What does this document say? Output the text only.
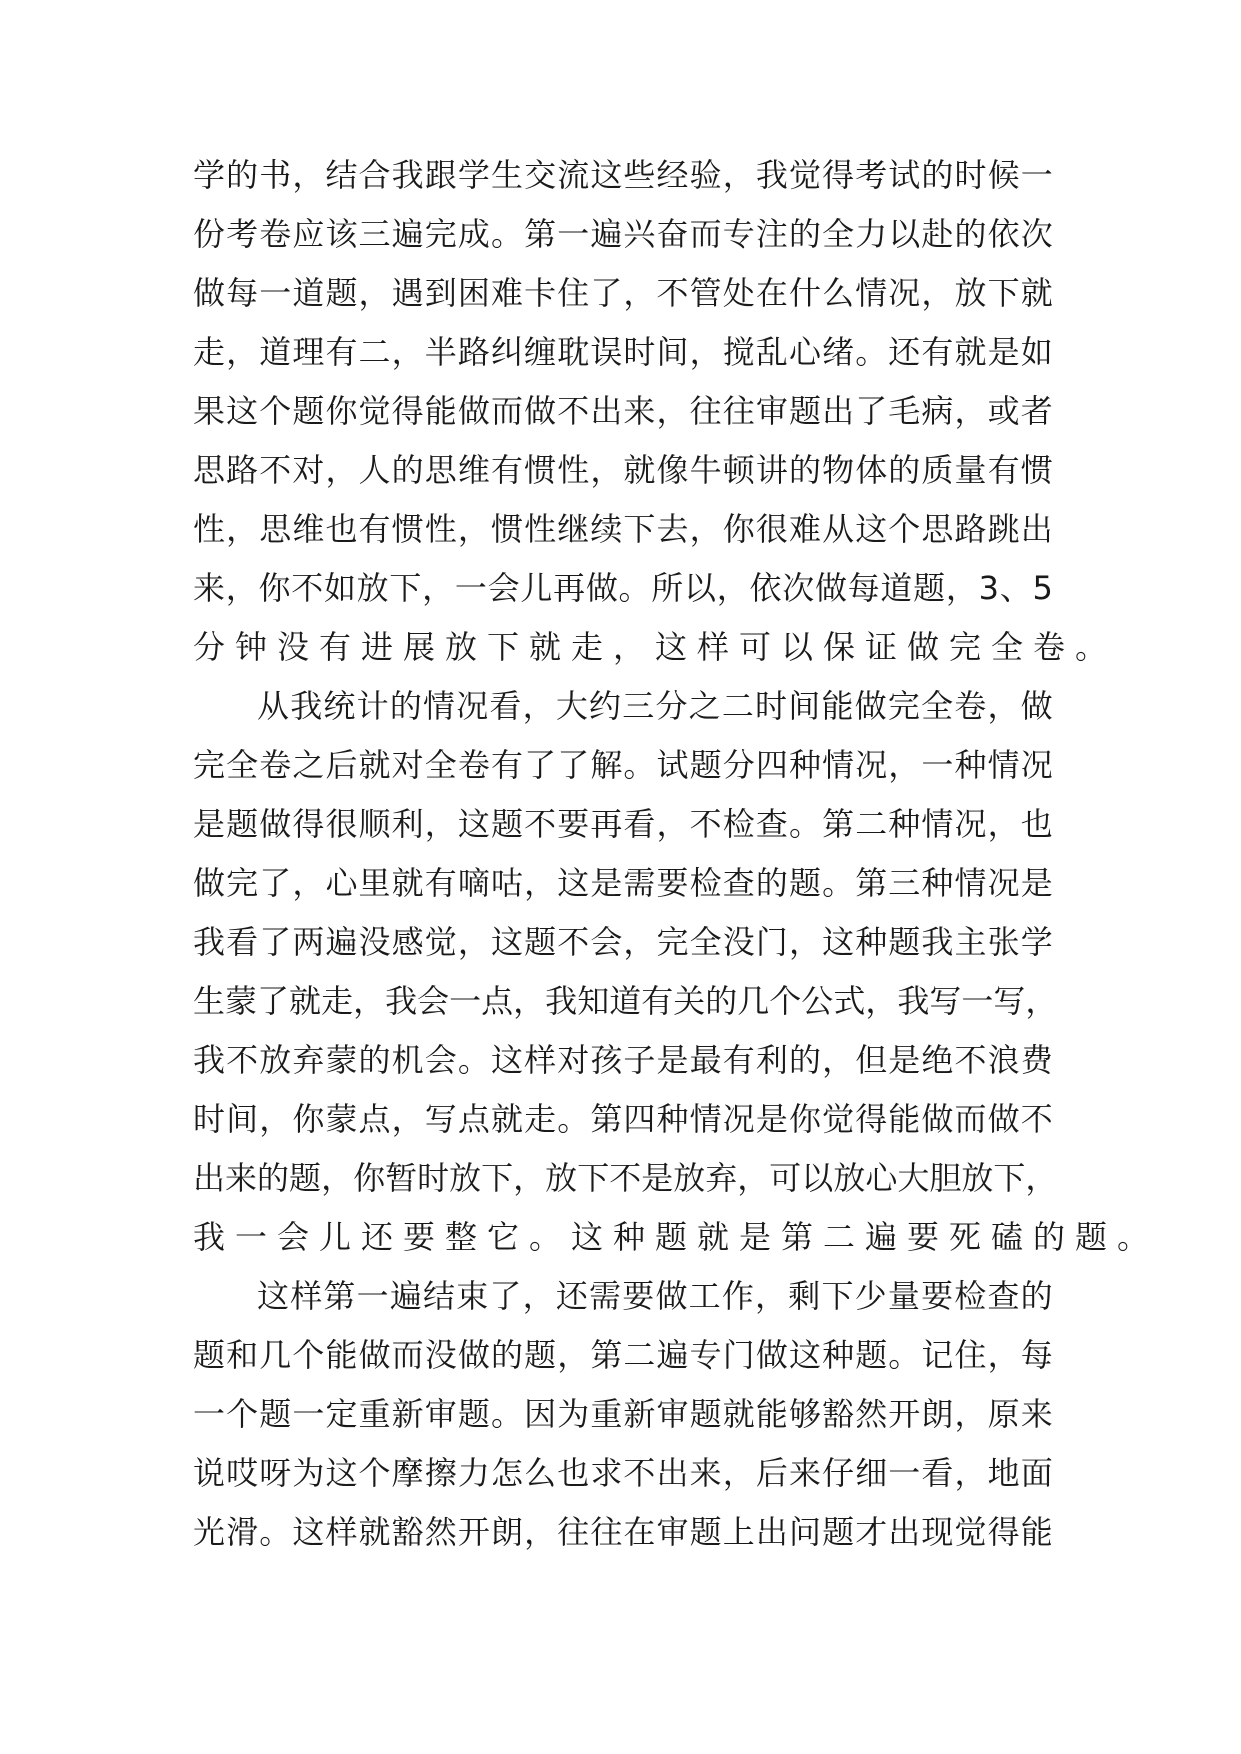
学 的 书 ， 结 合 我 跟 学 生 交 流 这 些 经 验 ， 我 觉 得 考 试 的 时 候 一
份 考 卷 应 该 三 遍 完 成 。 第 一 遍 兴 奋 而 专 注 的 全 力 以 赴 的 依 次
做 每 一 道 题 ， 遇 到 困 难 卡 住 了 ， 不 管 处 在 什 么 情 况 ， 放 下 就
走 ， 道 理 有 二 ， 半 路 纠 缠 耽 误 时 间 ， 搅 乱 心 绪 。 还 有 就 是 如
果 这 个 题 你 觉 得 能 做 而 做 不 出 来 ， 往 往 审 题 出 了 毛 病 ， 或 者
思 路 不 对 ， 人 的 思 维 有 惯 性 ， 就 像 牛 顿 讲 的 物 体 的 质 量 有 惯
性 ， 思 维 也 有 惯 性 ， 惯 性 继 续 下 去 ， 你 很 难 从 这 个 思 路 跳 出
来 ， 你 不 如 放 下 ， 一 会 儿 再 做 。 所 以 ， 依 次 做 每 道 题 ， 3 、 5
分钟没有进展放下就走，这样可以保证做完全卷。
从 我 统 计 的 情 况 看 ， 大 约 三 分 之 二 时 间 能 做 完 全 卷 ， 做
完 全 卷 之 后 就 对 全 卷 有 了 了 解 。 试 题 分 四 种 情 况 ， 一 种 情 况
是 题 做 得 很 顺 利 ， 这 题 不 要 再 看 ， 不 检 查 。 第 二 种 情 况 ， 也
做 完 了 ， 心 里 就 有 嘀 咕 ， 这 是 需 要 检 查 的 题 。 第 三 种 情 况 是
我 看 了 两 遍 没 感 觉 ， 这 题 不 会 ， 完 全 没 门 ， 这 种 题 我 主 张 学
生 蒙 了 就 走 ， 我 会 一 点 ， 我 知 道 有 关 的 几 个 公 式 ， 我 写 一 写 ，
我 不 放 弃 蒙 的 机 会 。 这 样 对 孩 子 是 最 有 利 的 ， 但 是 绝 不 浪 费
时 间 ， 你 蒙 点 ， 写 点 就 走 。 第 四 种 情 况 是 你 觉 得 能 做 而 做 不
出 来 的 题 ， 你 暂 时 放 下 ， 放 下 不 是 放 弃 ， 可 以 放 心 大 胆 放 下 ，
我一会儿还要整它。这种题就是第二遍要死磕的题。
这 样 第 一 遍 结 束 了 ， 还 需 要 做 工 作 ， 剩 下 少 量 要 检 查 的
题 和 几 个 能 做 而 没 做 的 题 ， 第 二 遍 专 门 做 这 种 题 。 记 住 ， 每
一 个 题 一 定 重 新 审 题 。 因 为 重 新 审 题 就 能 够 豁 然 开 朗 ， 原 来
说 哎 呀 为 这 个 摩 擦 力 怎 么 也 求 不 出 来 ， 后 来 仔 细 一 看 ， 地 面
光 滑 。 这 样 就 豁 然 开 朗 ， 往 往 在 审 题 上 出 问 题 才 出 现 觉 得 能
